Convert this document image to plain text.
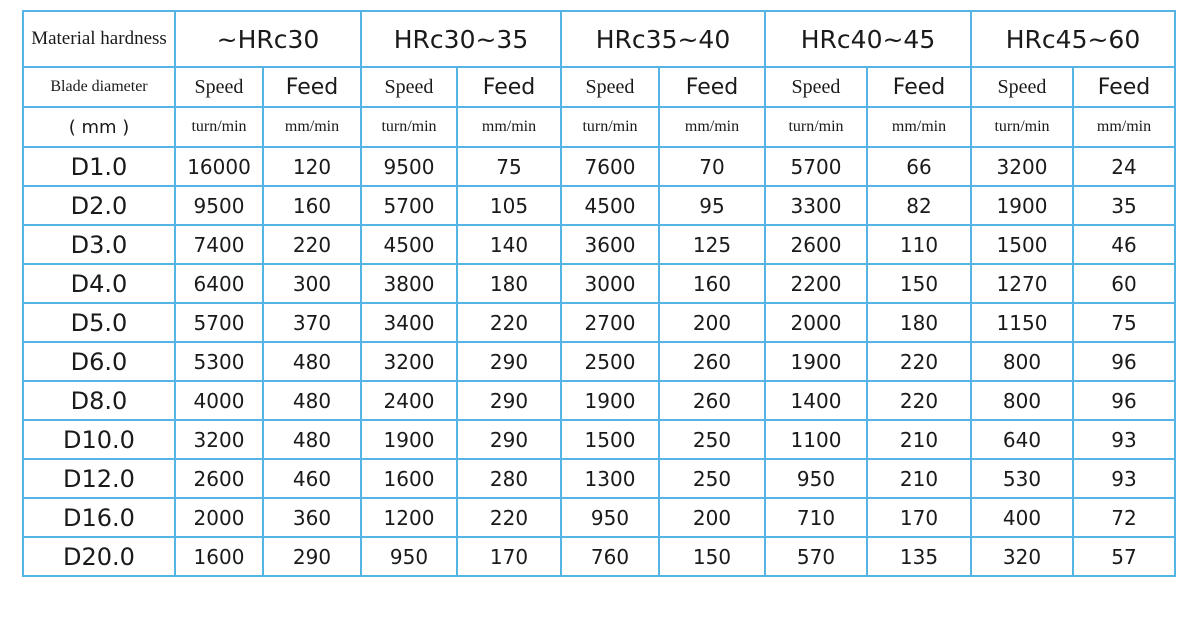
Material hardness	~HRc30		HRc30~35		HRc35~40		HRc40~45		HRc45~60	
Blade diameter	Speed	Feed	Speed	Feed	Speed	Feed	Speed	Feed	Speed	Feed
( mm )	turn/min	mm/min	turn/min	mm/min	turn/min	mm/min	turn/min	mm/min	turn/min	mm/min
D1.0	16000	120	9500	75	7600	70	5700	66	3200	24
D2.0	9500	160	5700	105	4500	95	3300	82	1900	35
D3.0	7400	220	4500	140	3600	125	2600	110	1500	46
D4.0	6400	300	3800	180	3000	160	2200	150	1270	60
D5.0	5700	370	3400	220	2700	200	2000	180	1150	75
D6.0	5300	480	3200	290	2500	260	1900	220	800	96
D8.0	4000	480	2400	290	1900	260	1400	220	800	96
D10.0	3200	480	1900	290	1500	250	1100	210	640	93
D12.0	2600	460	1600	280	1300	250	950	210	530	93
D16.0	2000	360	1200	220	950	200	710	170	400	72
D20.0	1600	290	950	170	760	150	570	135	320	57
